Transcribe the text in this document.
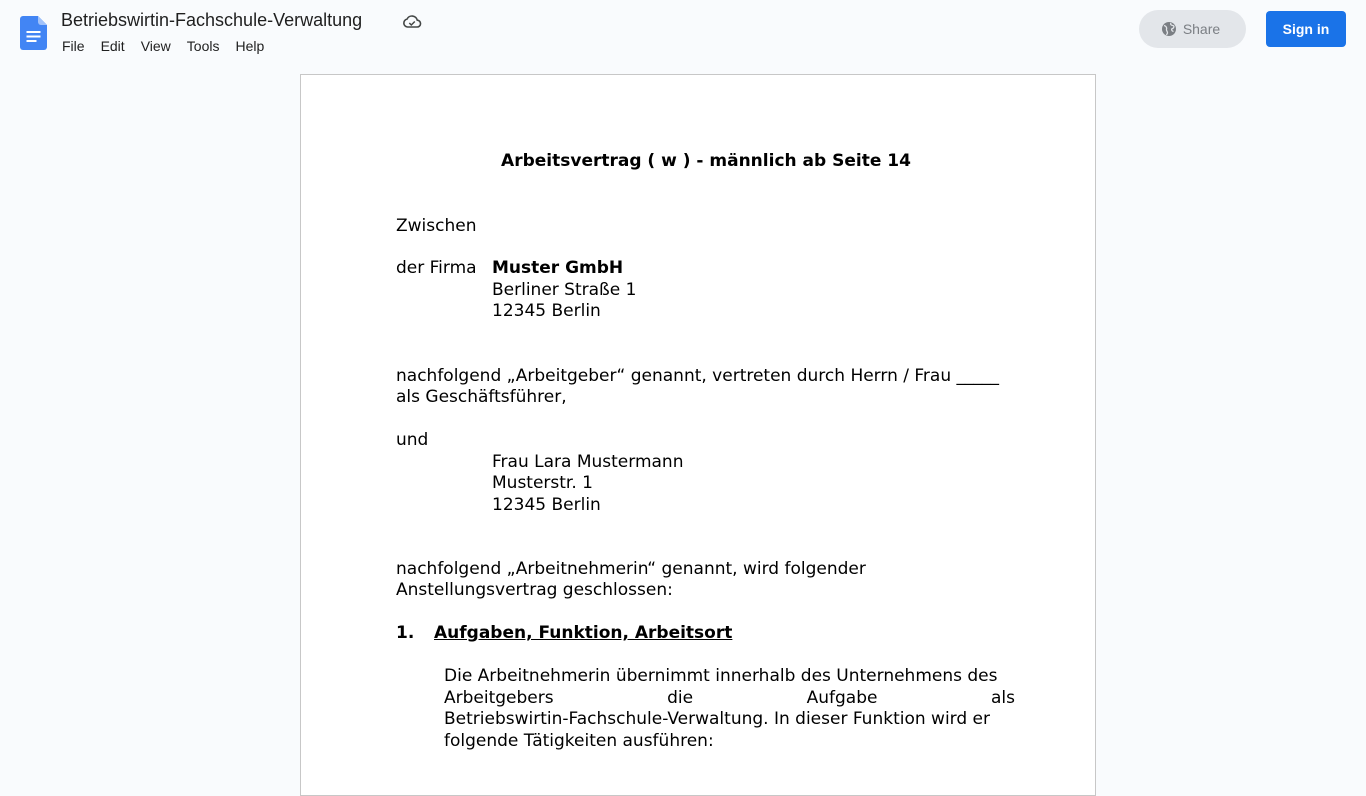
Betriebswirtin-Fachschule-Verwaltung
File	Edit	View	Tools	Help
Share	Sign in
Arbeitsvertrag ( w ) - männlich ab Seite 14
Zwischen
der Firma Muster GmbH
Berliner Straße 1
12345 Berlin
nachfolgend „Arbeitgeber“ genannt, vertreten durch Herrn / Frau _____
als Geschäftsführer,
und
Frau Lara Mustermann
Musterstr. 1
12345 Berlin
nachfolgend „Arbeitnehmerin“ genannt, wird folgender
Anstellungsvertrag geschlossen:
1. Aufgaben, Funktion, Arbeitsort
Die Arbeitnehmerin übernimmt innerhalb des Unternehmens des
Arbeitgebers	die	Aufgabe	als
Betriebswirtin-Fachschule-Verwaltung. In dieser Funktion wird er
folgende Tätigkeiten ausführen:
